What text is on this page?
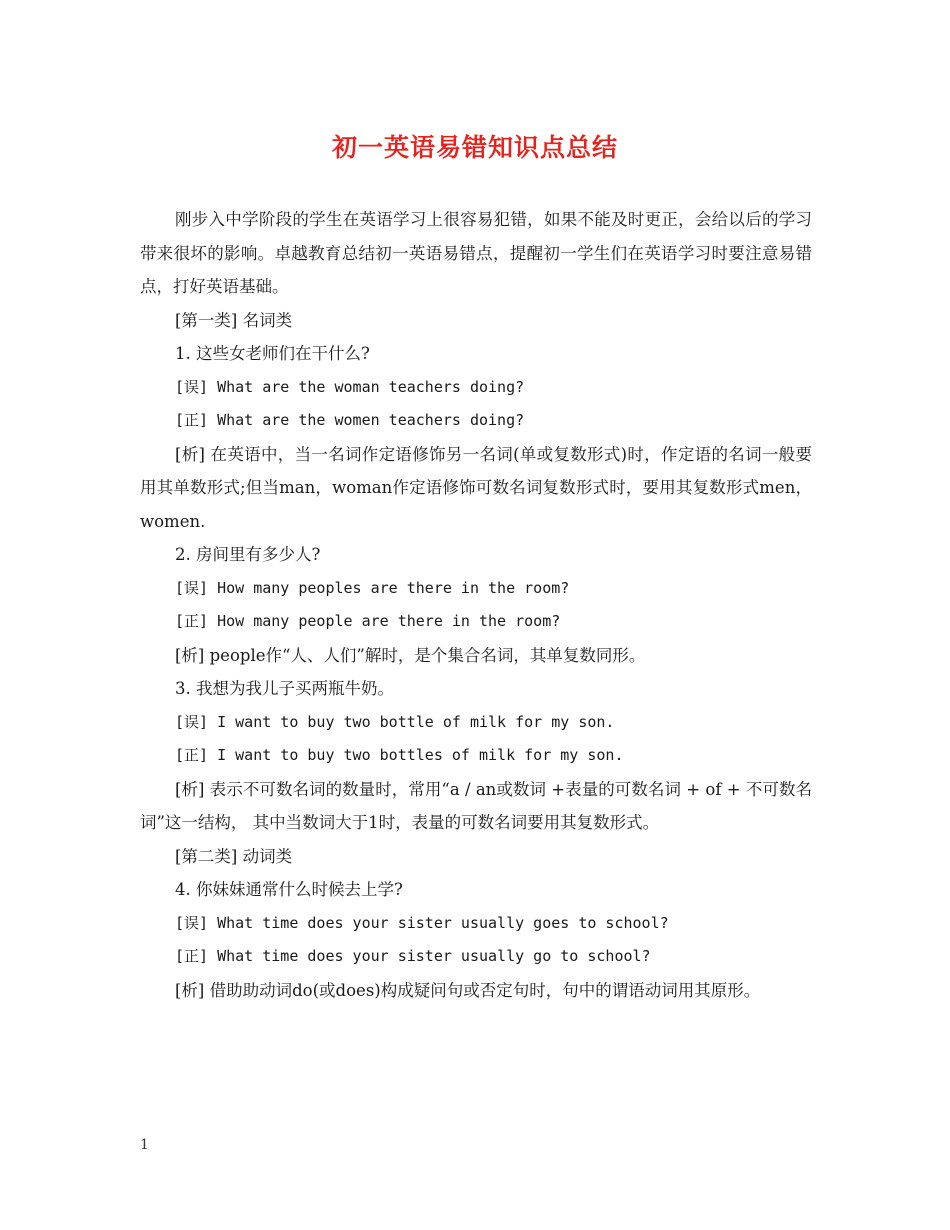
初一英语易错知识点总结

刚步入中学阶段的学生在英语学习上很容易犯错，如果不能及时更正，会给以后的学习带来很坏的影响。卓越教育总结初一英语易错点，提醒初一学生们在英语学习时要注意易错点，打好英语基础。

[第一类] 名词类

1. 这些女老师们在干什么?

[误] What are the woman teachers doing?

[正] What are the women teachers doing?

[析] 在英语中，当一名词作定语修饰另一名词(单或复数形式)时，作定语的名词一般要用其单数形式;但当man，woman作定语修饰可数名词复数形式时，要用其复数形式men，women.

2. 房间里有多少人?

[误] How many peoples are there in the room?

[正] How many people are there in the room?

[析] people作“人、人们”解时，是个集合名词，其单复数同形。

3. 我想为我儿子买两瓶牛奶。

[误] I want to buy two bottle of milk for my son.

[正] I want to buy two bottles of milk for my son.

[析] 表示不可数名词的数量时，常用“a / an或数词 +表量的可数名词 + of + 不可数名词”这一结构， 其中当数词大于1时，表量的可数名词要用其复数形式。

[第二类] 动词类

4. 你妹妹通常什么时候去上学?

[误] What time does your sister usually goes to school?

[正] What time does your sister usually go to school?

[析] 借助助动词do(或does)构成疑问句或否定句时，句中的谓语动词用其原形。

1
